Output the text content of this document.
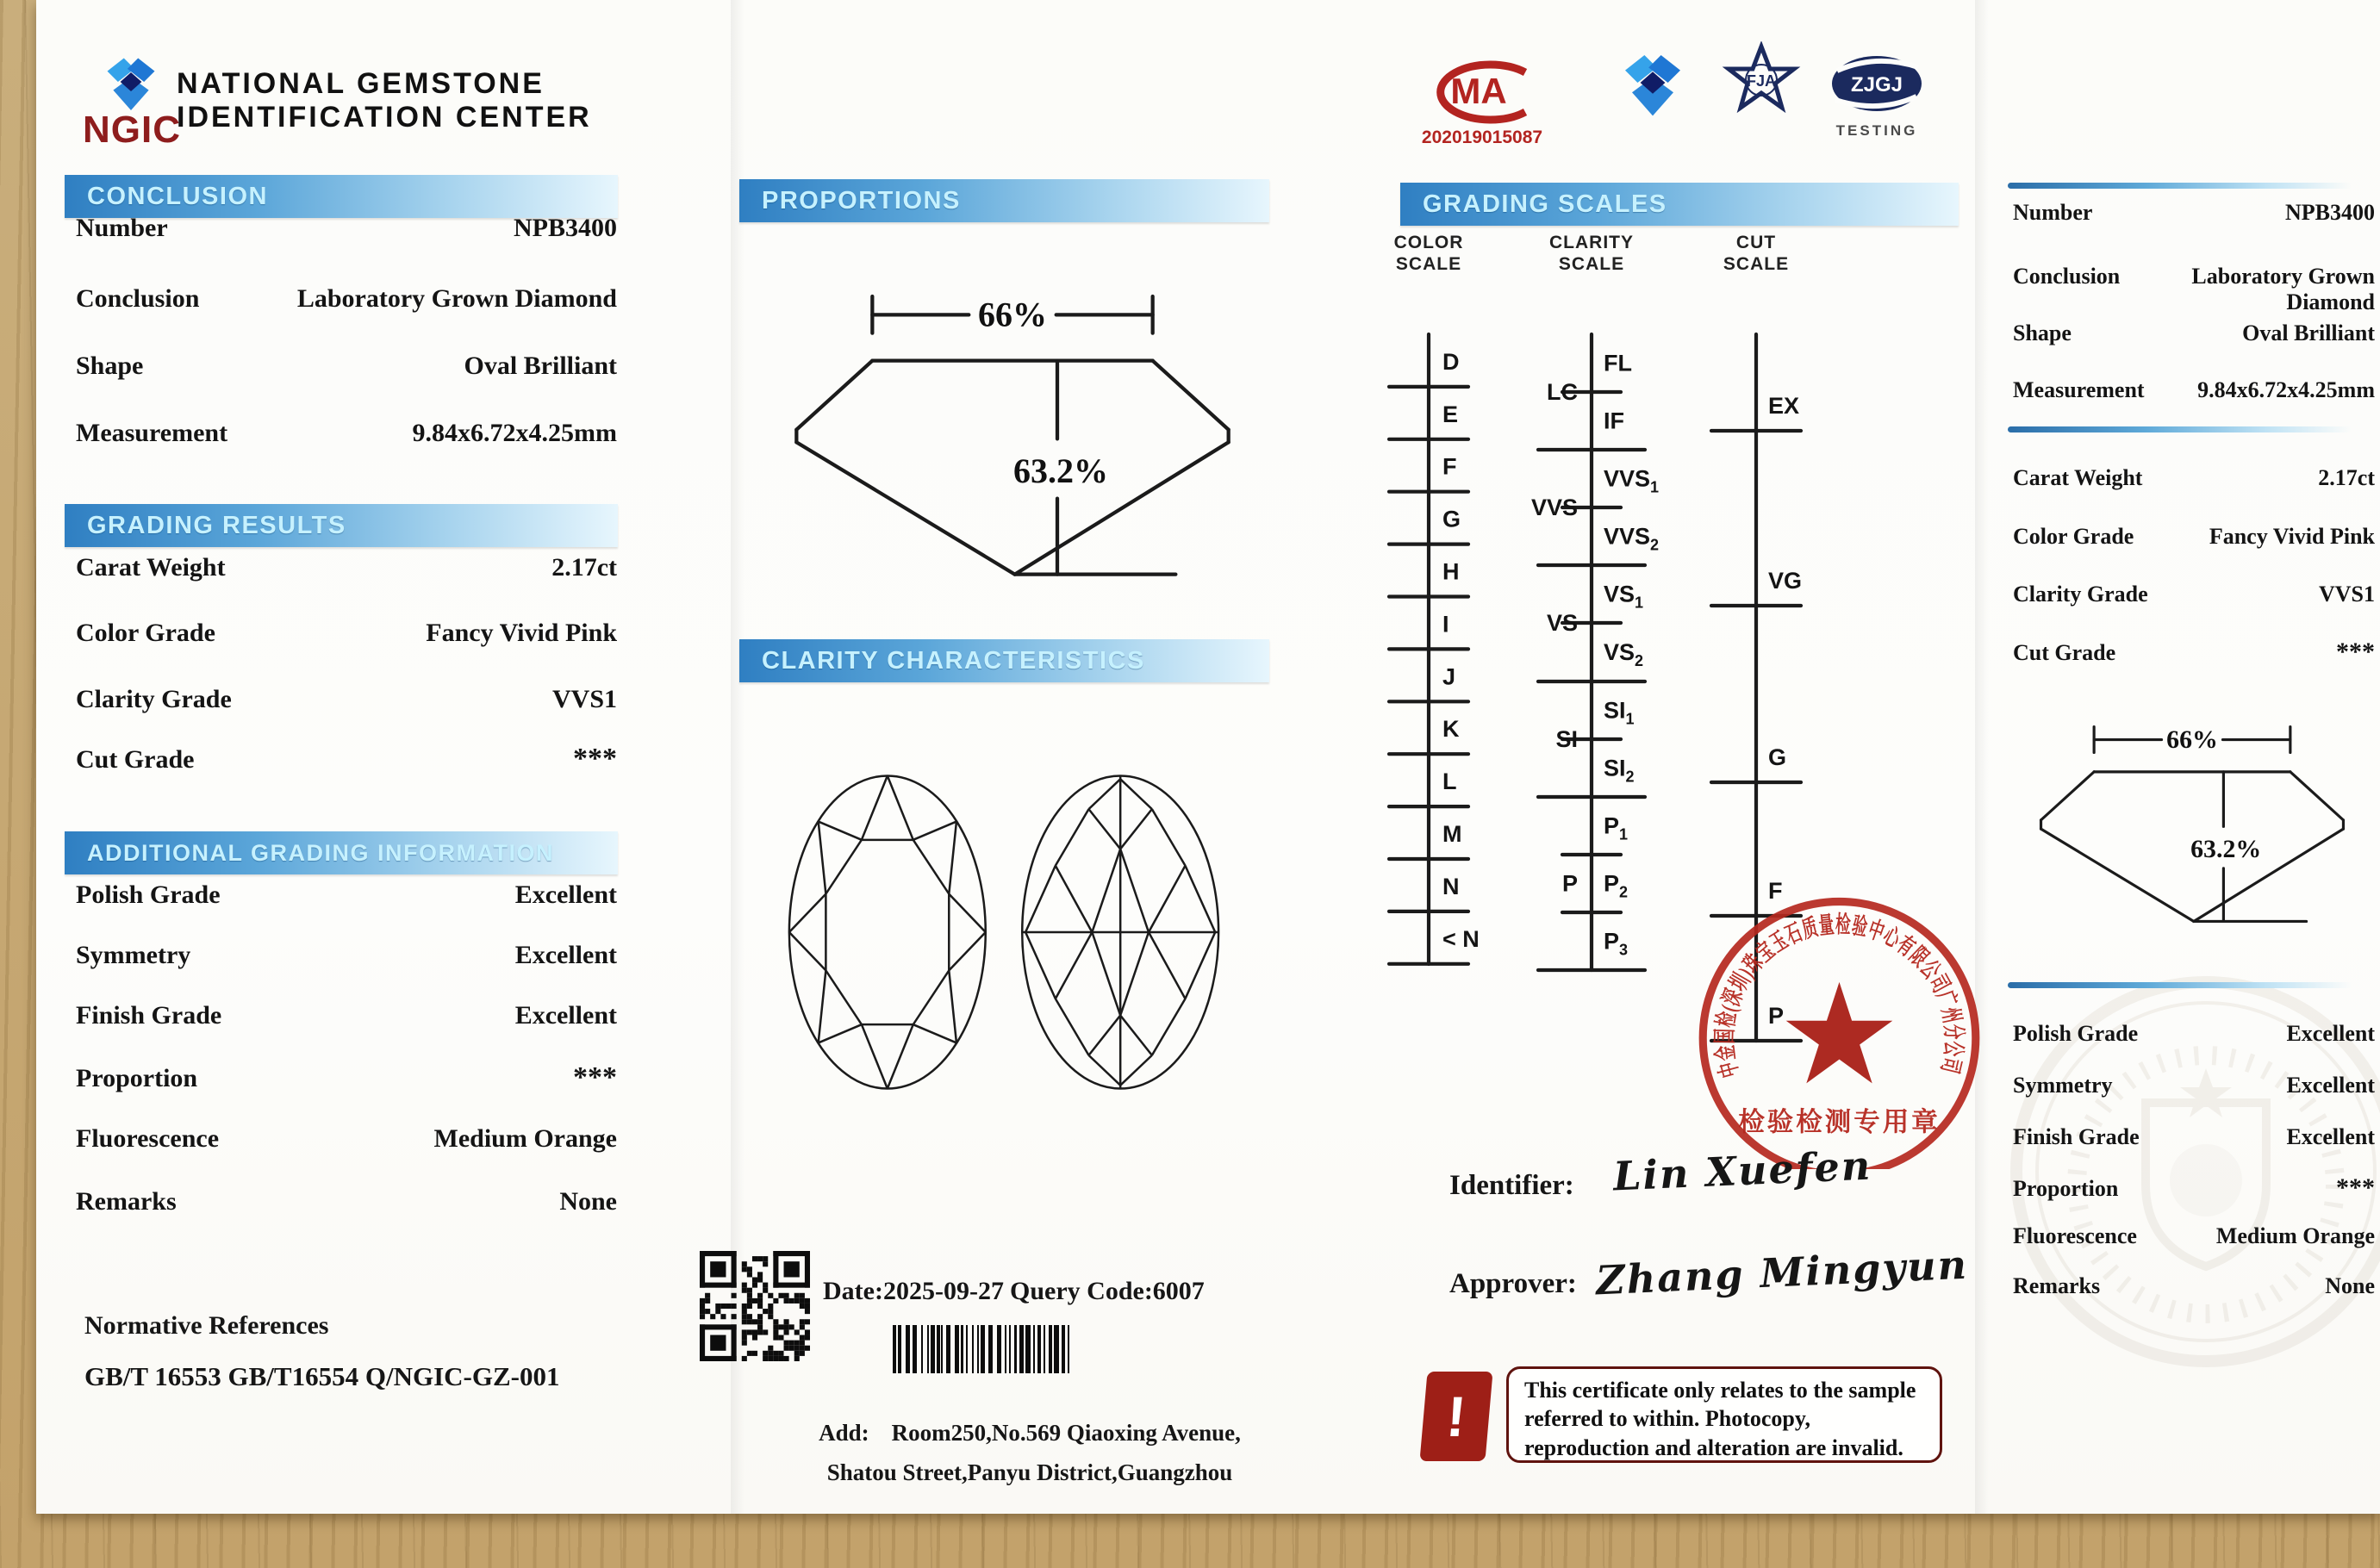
NGIC
NATIONAL GEMSTONE
IDENTIFICATION CENTER
MA
202019015087
FJA	ZJGJ
TESTING
CONCLUSION
Number	NPB3400
Conclusion	Laboratory Grown Diamond
Shape	Oval Brilliant
Measurement	9.84x6.72x4.25mm
GRADING RESULTS
Carat Weight	2.17ct
Color Grade	Fancy Vivid Pink
Clarity Grade	VVS1
Cut Grade	***
ADDITIONAL GRADING INFORMATION
Polish Grade	Excellent
Symmetry	Excellent
Finish Grade	Excellent
Proportion	***
Fluorescence	Medium Orange
Remarks	None
Normative References
GB/T 16553 GB/T16554 Q/NGIC-GZ-001
PROPORTIONS
66%
63.2%
CLARITY CHARACTERISTICS
Date:2025-09-27 Query Code:6007
Add: Room250,No.569 Qiaoxing Avenue,
Shatou Street,Panyu District,Guangzhou
GRADING SCALES
COLOR
SCALE
CLARITY
SCALE
CUT
SCALE
D
E
F
G
H
I
J
K
L
M
N
< N
FL
IF
$VVS_1$
$VVS_2$
$VS_1$
$VS_2$
$SI_1$
$SI_2$
$P_1$
$P_2$
$P_3$
LC
VVS
VS
SI
P
EX
VG
G
F
P
中金国检(深圳)珠宝玉石质量检验中心有限公司广州分公司
检验检测专用章
Identifier: Lin Xuefen
Approver: Zhang Mingyun
!	This certificate only relates to the sample referred to within. Photocopy, reproduction and alteration are invalid.
Number	NPB3400
Conclusion	Laboratory Grown Diamond
Shape	Oval Brilliant
Measurement 9.84x6.72x4.25mm
Carat Weight	2.17ct
Color Grade	Fancy Vivid Pink
Clarity Grade	VVS1
Cut Grade	***
66%
63.2%
Polish Grade	Excellent
Symmetry	Excellent
Finish Grade	Excellent
Proportion	***
Fluorescence	Medium Orange
Remarks	None
